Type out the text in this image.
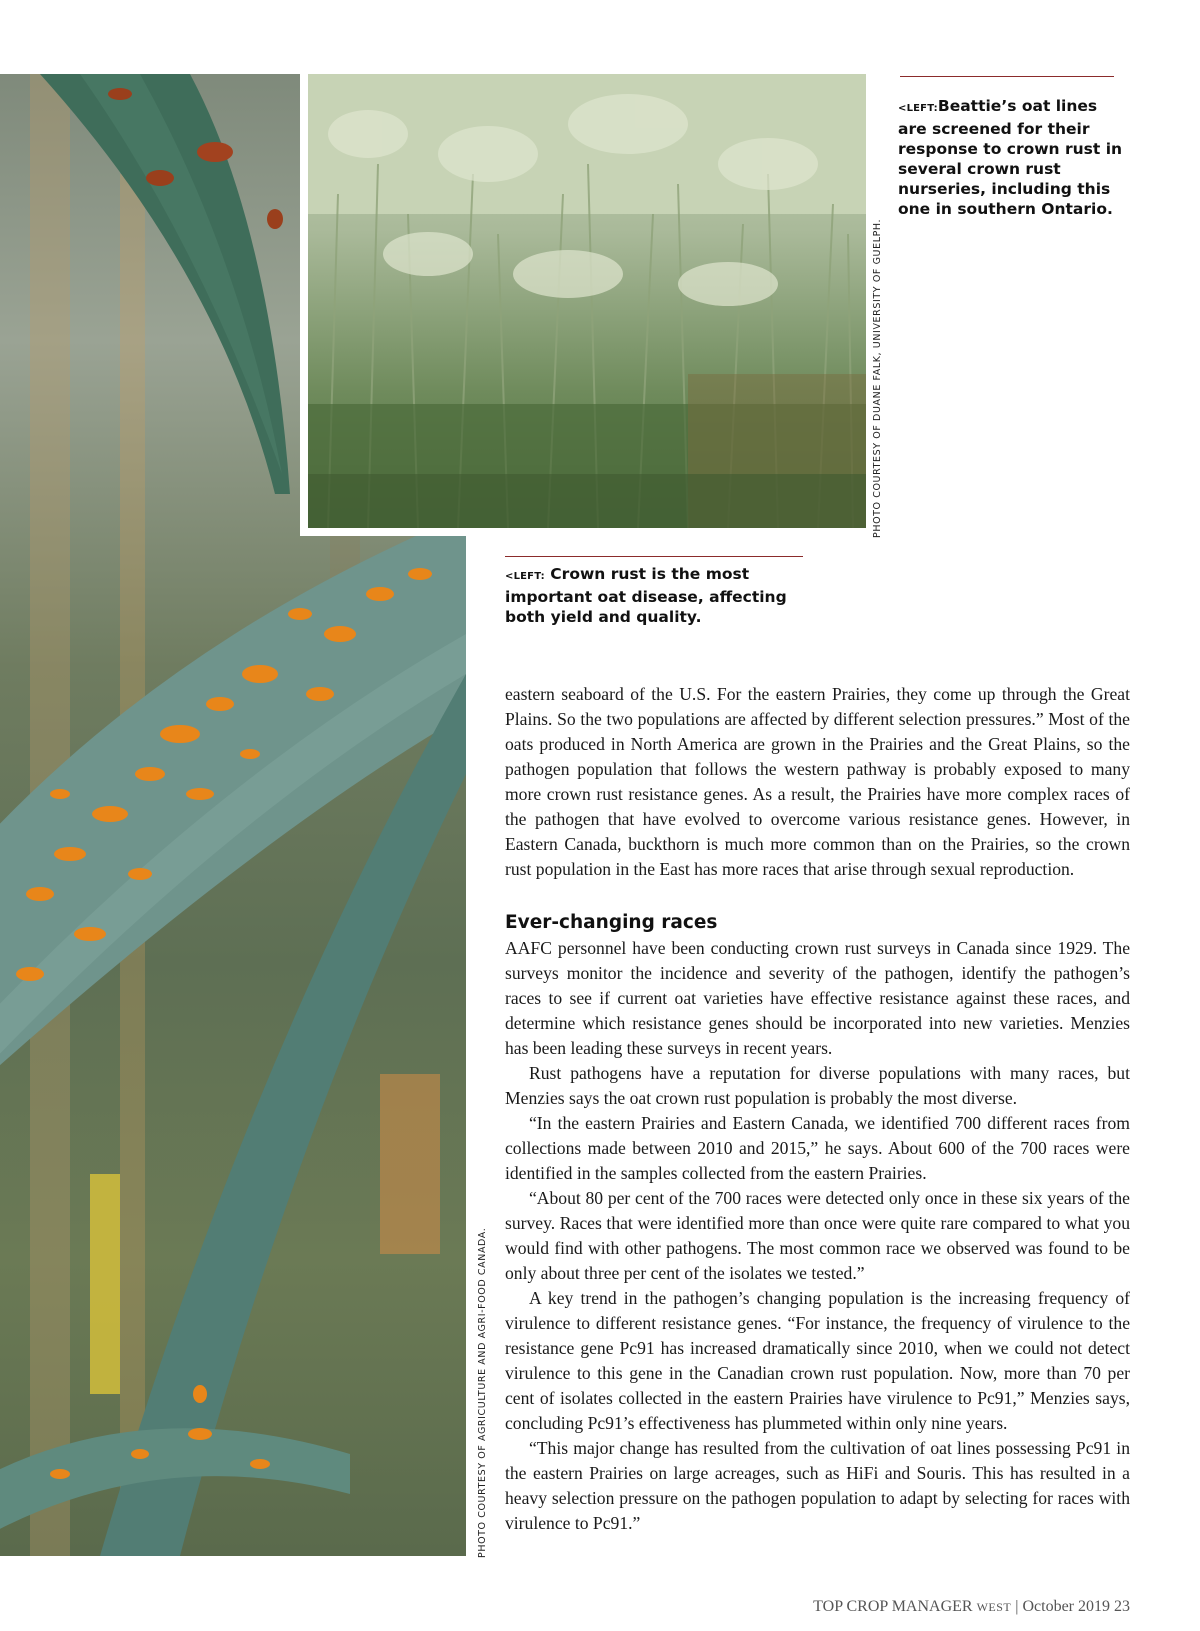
PHOTO COURTESY OF DUANE FALK, UNIVERSITY OF GUELPH.
PHOTO COURTESY OF AGRICULTURE AND AGRI-FOOD CANADA.
<LEFT:Beattie’s oat lines are screened for their response to crown rust in several crown rust nurseries, including this one in southern Ontario.
<LEFT: Crown rust is the most important oat disease, affecting both yield and quality.

eastern seaboard of the U.S. For the eastern Prairies, they come up through the Great Plains. So the two populations are affected by different selection pressures.” Most of the oats produced in North America are grown in the Prairies and the Great Plains, so the pathogen population that follows the western pathway is probably exposed to many more crown rust resistance genes. As a result, the Prairies have more complex races of the pathogen that have evolved to overcome various resistance genes. However, in Eastern Canada, buckthorn is much more common than on the Prairies, so the crown rust population in the East has more races that arise through sexual reproduction.

Ever-changing races

AAFC personnel have been conducting crown rust surveys in Canada since 1929. The surveys monitor the incidence and severity of the pathogen, identify the pathogen’s races to see if current oat varieties have effective resistance against these races, and determine which resistance genes should be incorporated into new varieties. Menzies has been leading these surveys in recent years.

Rust pathogens have a reputation for diverse populations with many races, but Menzies says the oat crown rust population is probably the most diverse.

“In the eastern Prairies and Eastern Canada, we identified 700 different races from collections made between 2010 and 2015,” he says. About 600 of the 700 races were identified in the samples collected from the eastern Prairies.

“About 80 per cent of the 700 races were detected only once in these six years of the survey. Races that were identified more than once were quite rare compared to what you would find with other pathogens. The most common race we observed was found to be only about three per cent of the isolates we tested.”

A key trend in the pathogen’s changing population is the increasing frequency of virulence to different resistance genes. “For instance, the frequency of virulence to the resistance gene Pc91 has increased dramatically since 2010, when we could not detect virulence to this gene in the Canadian crown rust population. Now, more than 70 per cent of isolates collected in the eastern Prairies have virulence to Pc91,” Menzies says, concluding Pc91’s effectiveness has plummeted within only nine years.

“This major change has resulted from the cultivation of oat lines possessing Pc91 in the eastern Prairies on large acreages, such as HiFi and Souris. This has resulted in a heavy selection pressure on the pathogen population to adapt by selecting for races with virulence to Pc91.”

TOP CROP MANAGER WEST | October 2019 23
